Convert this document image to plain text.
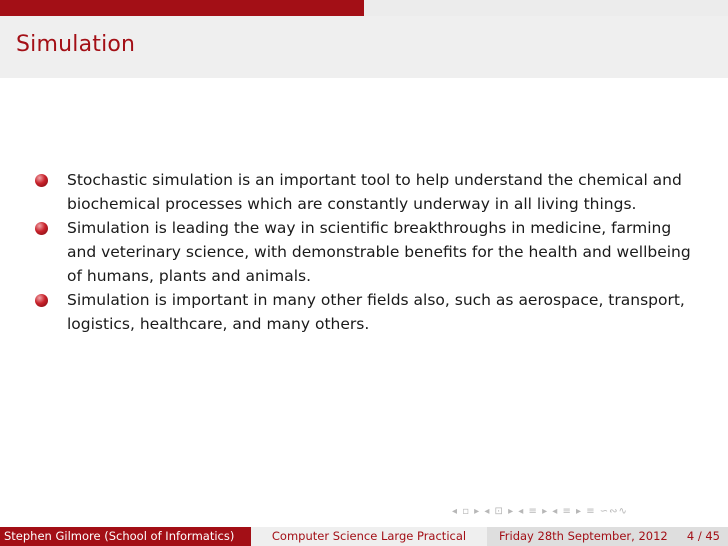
Simulation
Stochastic simulation is an important tool to help understand the chemical and biochemical processes which are constantly underway in all living things.
Simulation is leading the way in scientific breakthroughs in medicine, farming and veterinary science, with demonstrable benefits for the health and wellbeing of humans, plants and animals.
Simulation is important in many other fields also, such as aerospace, transport, logistics, healthcare, and many others.
◂ ▫ ▸ ◂ ⊡ ▸ ◂ ≡ ▸ ◂ ≡ ▸ ≡ ∽∾∿
Stephen Gilmore (School of Informatics)	Computer Science Large Practical	Friday 28th September, 2012 4 / 45
